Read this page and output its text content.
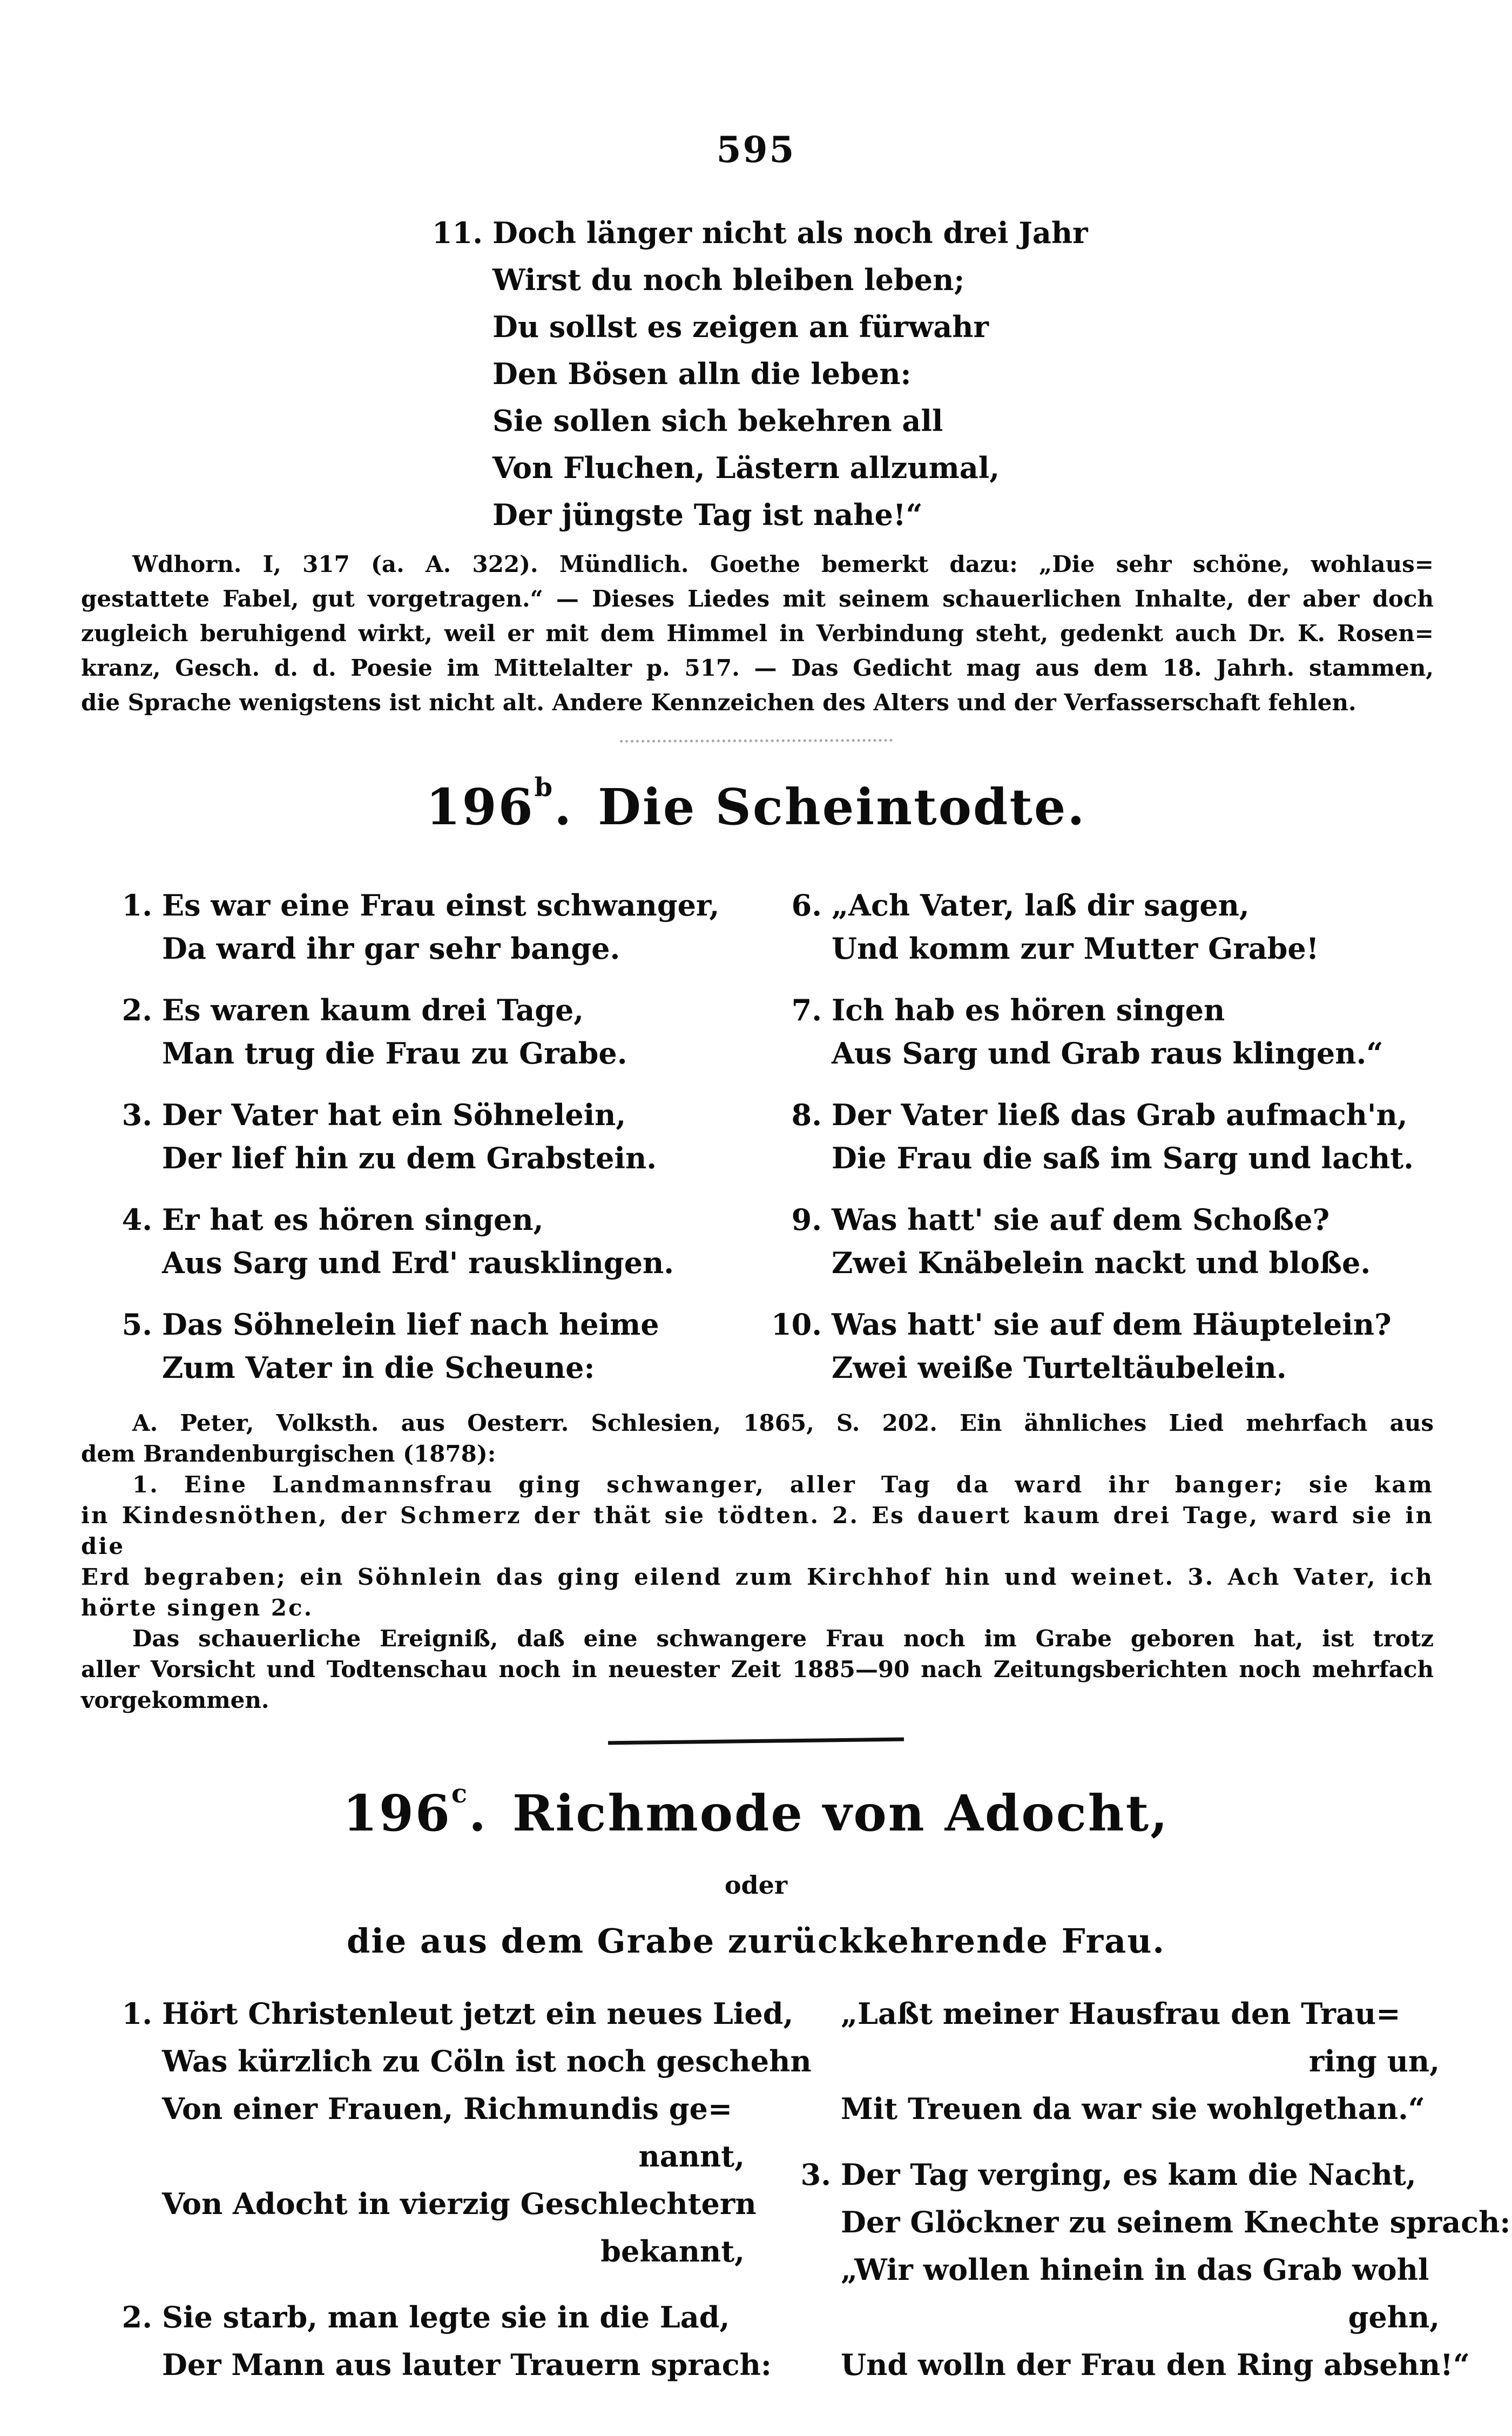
595
11. Doch länger nicht als noch drei Jahr
Wirst du noch bleiben leben;
Du sollst es zeigen an fürwahr
Den Bösen alln die leben:
Sie sollen sich bekehren all
Von Fluchen, Lästern allzumal,
Der jüngste Tag ist nahe!“
Wdhorn. I, 317 (a. A. 322). Mündlich. Goethe bemerkt dazu: „Die sehr schöne, wohlaus=
gestattete Fabel, gut vorgetragen.“ — Dieses Liedes mit seinem schauerlichen Inhalte, der aber doch
zugleich beruhigend wirkt, weil er mit dem Himmel in Verbindung steht, gedenkt auch Dr. K. Rosen=
kranz, Gesch. d. d. Poesie im Mittelalter p. 517. — Das Gedicht mag aus dem 18. Jahrh. stammen,
die Sprache wenigstens ist nicht alt. Andere Kennzeichen des Alters und der Verfasserschaft fehlen.
196$^b$. Die Scheintodte.
1. Es war eine Frau einst schwanger,
Da ward ihr gar sehr bange.
2. Es waren kaum drei Tage,
Man trug die Frau zu Grabe.
3. Der Vater hat ein Söhnelein,
Der lief hin zu dem Grabstein.
4. Er hat es hören singen,
Aus Sarg und Erd' rausklingen.
5. Das Söhnelein lief nach heime
Zum Vater in die Scheune:
6. „Ach Vater, laß dir sagen,
Und komm zur Mutter Grabe!
7. Ich hab es hören singen
Aus Sarg und Grab raus klingen.“
8. Der Vater ließ das Grab aufmach'n,
Die Frau die saß im Sarg und lacht.
9. Was hatt' sie auf dem Schoße?
Zwei Knäbelein nackt und bloße.
10. Was hatt' sie auf dem Häuptelein?
Zwei weiße Turteltäubelein.
A. Peter, Volksth. aus Oesterr. Schlesien, 1865, S. 202. Ein ähnliches Lied mehrfach aus
dem Brandenburgischen (1878):
1. Eine Landmannsfrau ging schwanger, aller Tag da ward ihr banger; sie kam
in Kindesnöthen, der Schmerz der thät sie tödten. 2. Es dauert kaum drei Tage, ward sie in die
Erd begraben; ein Söhnlein das ging eilend zum Kirchhof hin und weinet. 3. Ach Vater, ich
hörte singen 2c.
Das schauerliche Ereigniß, daß eine schwangere Frau noch im Grabe geboren hat, ist trotz
aller Vorsicht und Todtenschau noch in neuester Zeit 1885—90 nach Zeitungsberichten noch mehrfach
vorgekommen.
196$^c$. Richmode von Adocht,
oder
die aus dem Grabe zurückkehrende Frau.
1. Hört Christenleut jetzt ein neues Lied,
Was kürzlich zu Cöln ist noch geschehn
Von einer Frauen, Richmundis ge=
nannt,
Von Adocht in vierzig Geschlechtern
bekannt,
2. Sie starb, man legte sie in die Lad,
Der Mann aus lauter Trauern sprach:
„Laßt meiner Hausfrau den Trau=
ring un,
Mit Treuen da war sie wohlgethan.“
3. Der Tag verging, es kam die Nacht,
Der Glöckner zu seinem Knechte sprach:
„Wir wollen hinein in das Grab wohl
gehn,
Und wolln der Frau den Ring absehn!“
